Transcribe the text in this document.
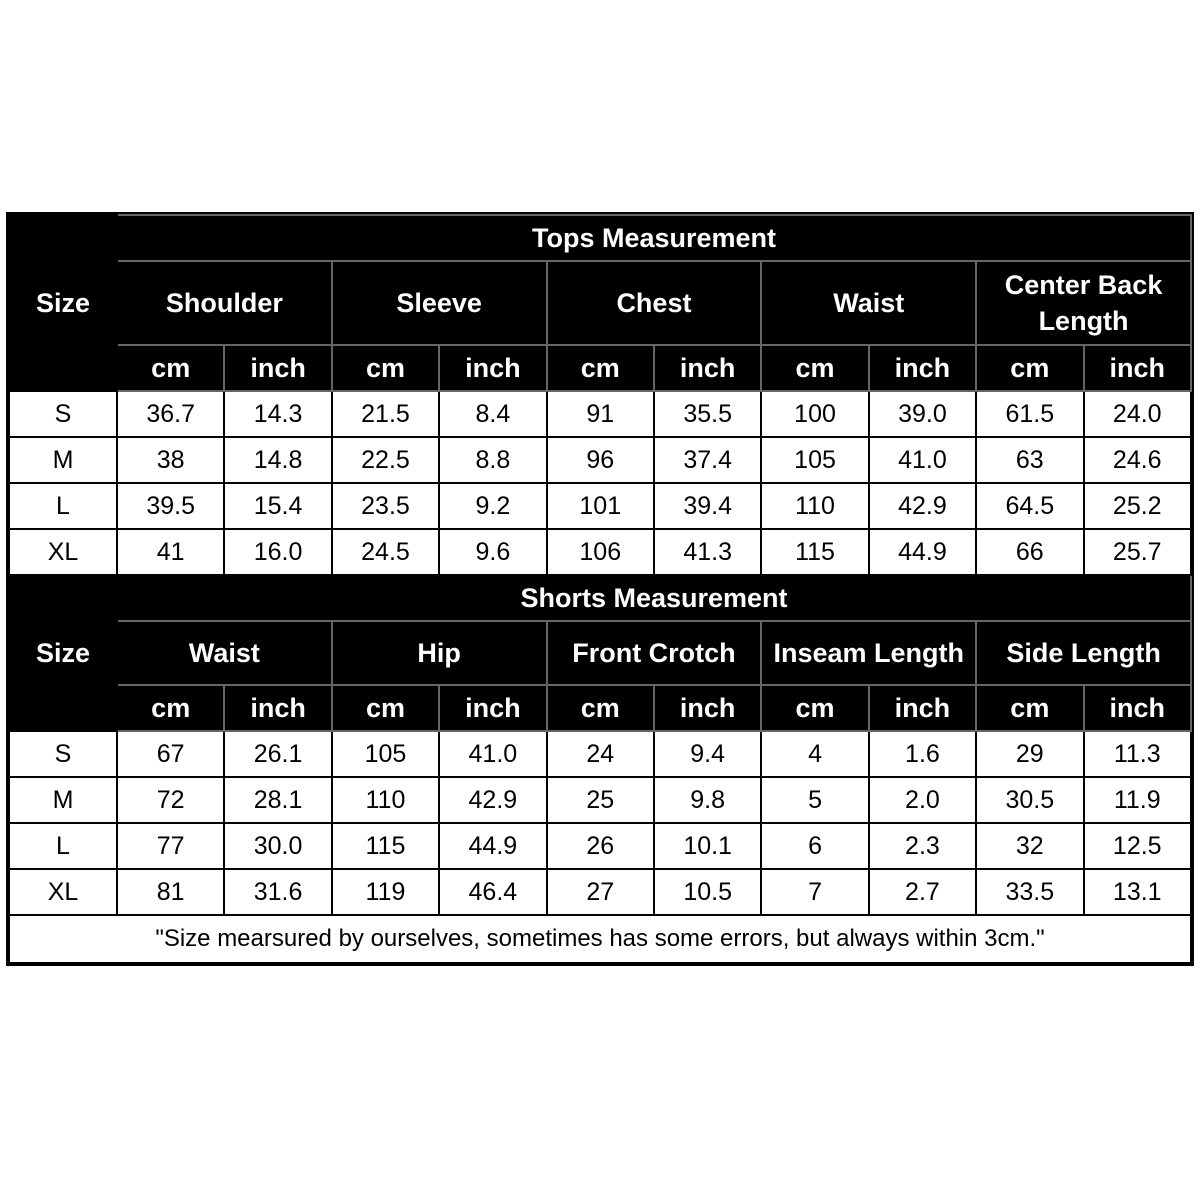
Size	Tops Measurement									
	Shoulder		Sleeve		Chest		Waist		Center Back Length	
	cm	inch	cm	inch	cm	inch	cm	inch	cm	inch
S	36.7	14.3	21.5	8.4	91	35.5	100	39.0	61.5	24.0
M	38	14.8	22.5	8.8	96	37.4	105	41.0	63	24.6
L	39.5	15.4	23.5	9.2	101	39.4	110	42.9	64.5	25.2
XL	41	16.0	24.5	9.6	106	41.3	115	44.9	66	25.7
Size	Shorts Measurement									
	Waist		Hip		Front Crotch		Inseam Length		Side Length	
	cm	inch	cm	inch	cm	inch	cm	inch	cm	inch
S	67	26.1	105	41.0	24	9.4	4	1.6	29	11.3
M	72	28.1	110	42.9	25	9.8	5	2.0	30.5	11.9
L	77	30.0	115	44.9	26	10.1	6	2.3	32	12.5
XL	81	31.6	119	46.4	27	10.5	7	2.7	33.5	13.1
"Size mearsured by ourselves, sometimes has some errors, but always within 3cm."										
